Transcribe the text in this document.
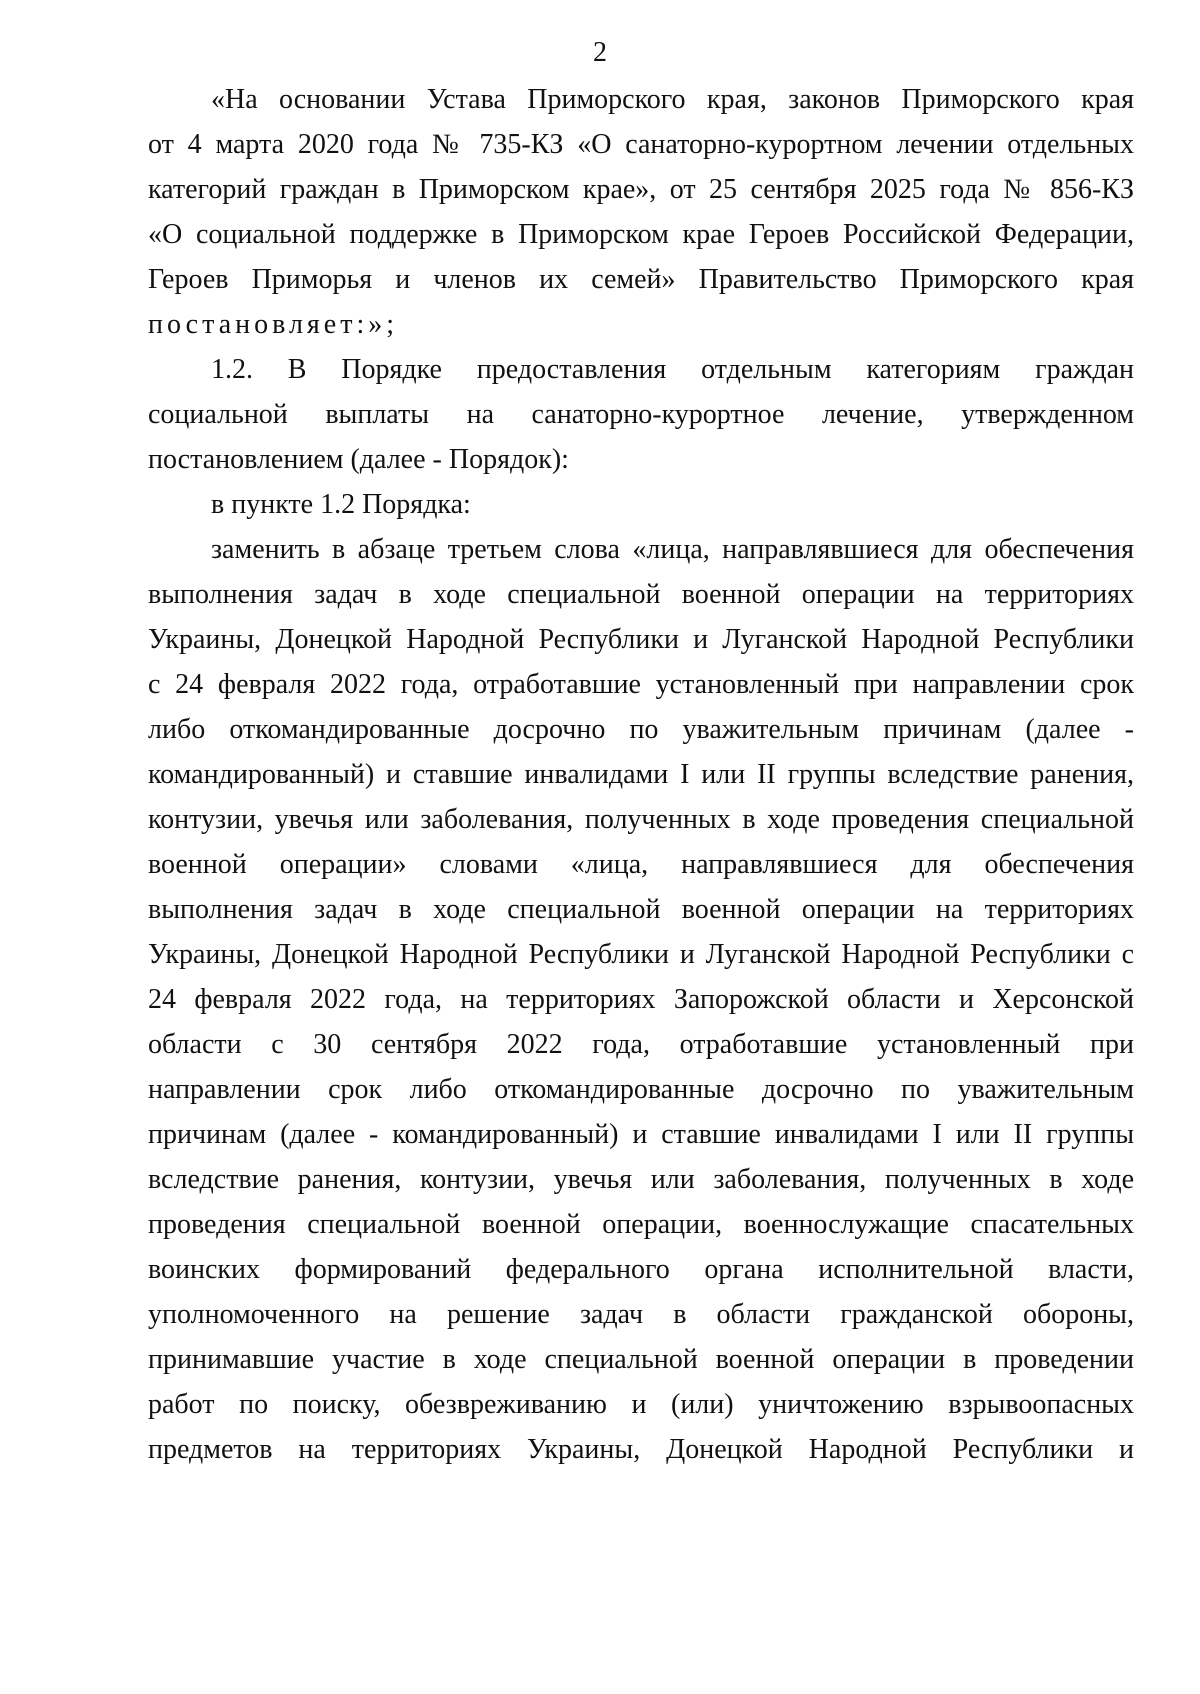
2
«На основании Устава Приморского края, законов Приморского края
от 4 марта 2020 года № 735-КЗ «О санаторно-курортном лечении отдельных
категорий граждан в Приморском крае», от 25 сентября 2025 года № 856-КЗ
«О социальной поддержке в Приморском крае Героев Российской Федерации,
Героев Приморья и членов их семей» Правительство Приморского края
постановляет:»;
1.2. В Порядке предоставления отдельным категориям граждан
социальной выплаты на санаторно-курортное лечение, утвержденном
постановлением (далее - Порядок):
в пункте 1.2 Порядка:
заменить в абзаце третьем слова «лица, направлявшиеся для обеспечения
выполнения задач в ходе специальной военной операции на территориях
Украины, Донецкой Народной Республики и Луганской Народной Республики
с 24 февраля 2022 года, отработавшие установленный при направлении срок
либо откомандированные досрочно по уважительным причинам (далее -
командированный) и ставшие инвалидами I или II группы вследствие ранения,
контузии, увечья или заболевания, полученных в ходе проведения специальной
военной операции» словами «лица, направлявшиеся для обеспечения
выполнения задач в ходе специальной военной операции на территориях
Украины, Донецкой Народной Республики и Луганской Народной Республики с
24 февраля 2022 года, на территориях Запорожской области и Херсонской
области с 30 сентября 2022 года, отработавшие установленный при
направлении срок либо откомандированные досрочно по уважительным
причинам (далее - командированный) и ставшие инвалидами I или II группы
вследствие ранения, контузии, увечья или заболевания, полученных в ходе
проведения специальной военной операции, военнослужащие спасательных
воинских формирований федерального органа исполнительной власти,
уполномоченного на решение задач в области гражданской обороны,
принимавшие участие в ходе специальной военной операции в проведении
работ по поиску, обезвреживанию и (или) уничтожению взрывоопасных
предметов на территориях Украины, Донецкой Народной Республики и
